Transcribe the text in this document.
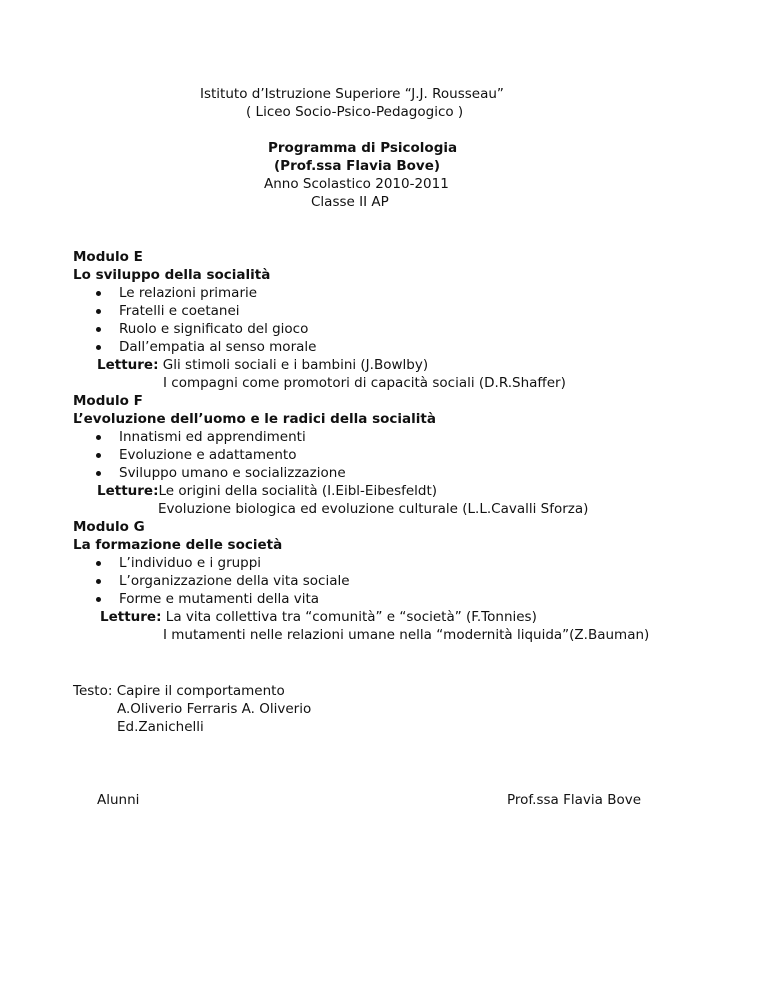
Istituto d’Istruzione Superiore “J.J. Rousseau”
( Liceo Socio-Psico-Pedagogico )
Programma di Psicologia
(Prof.ssa Flavia Bove)
Anno Scolastico 2010-2011
Classe II AP
Modulo E
Lo sviluppo della socialità
Le relazioni primarie
Fratelli e coetanei
Ruolo e significato del gioco
Dall’empatia al senso morale
Letture: Gli stimoli sociali e i bambini (J.Bowlby)
I compagni come promotori di capacità sociali (D.R.Shaffer)
Modulo F
L’evoluzione dell’uomo e le radici della socialità
Innatismi ed apprendimenti
Evoluzione e adattamento
Sviluppo umano e socializzazione
Letture:Le origini della socialità (I.Eibl-Eibesfeldt)
Evoluzione biologica ed evoluzione culturale (L.L.Cavalli Sforza)
Modulo G
La formazione delle società
L’individuo e i gruppi
L’organizzazione della vita sociale
Forme e mutamenti della vita
Letture: La vita collettiva tra “comunità” e “società” (F.Tonnies)
I mutamenti nelle relazioni umane nella “modernità liquida”(Z.Bauman)
Testo: Capire il comportamento
A.Oliverio Ferraris A. Oliverio
Ed.Zanichelli
Alunni	Prof.ssa Flavia Bove
